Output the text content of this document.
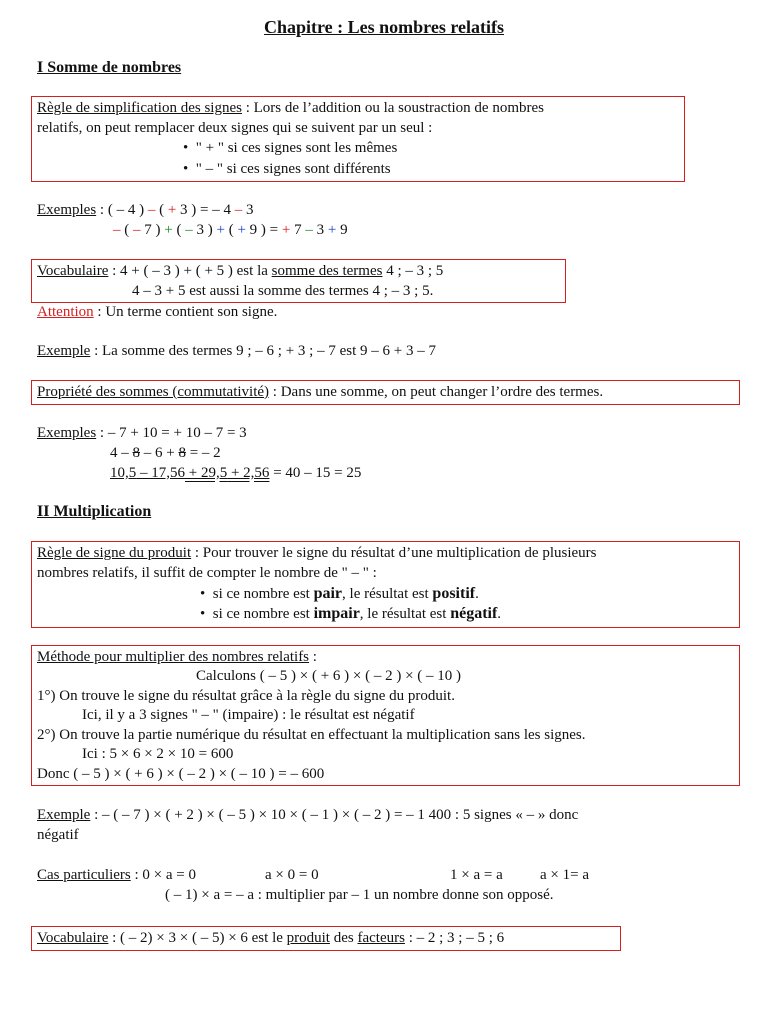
Chapitre : Les nombres relatifs
I Somme de nombres
Règle de simplification des signes : Lors de l’addition ou la soustraction de nombres
relatifs, on peut remplacer deux signes qui se suivent par un seul :
•  " + " si ces signes sont les mêmes
•  " – " si ces signes sont différents
Exemples : ( – 4 ) – ( + 3 ) = – 4 – 3
– ( – 7 ) + ( – 3 ) + ( + 9 ) = + 7 – 3 + 9
Vocabulaire : 4 + ( – 3 ) + ( + 5 ) est la somme des termes 4 ; – 3 ; 5
4 – 3 + 5 est aussi la somme des termes 4 ; – 3 ; 5.
Attention : Un terme contient son signe.
Exemple : La somme des termes 9 ; – 6 ; + 3 ; – 7 est 9 – 6 + 3 – 7
Propriété des sommes (commutativité) : Dans une somme, on peut changer l’ordre des termes.
Exemples : – 7 + 10 = + 10 – 7 = 3
4 – 8 – 6 + 8 = – 2
10,5 – 17,56 + 29,5 + 2,56 = 40 – 15 = 25
II Multiplication
Règle de signe du produit : Pour trouver le signe du résultat d’une multiplication de plusieurs
nombres relatifs, il suffit de compter le nombre de " – " :
•  si ce nombre est pair, le résultat est positif.
•  si ce nombre est impair, le résultat est négatif.
Méthode pour multiplier des nombres relatifs :
Calculons ( – 5 ) × ( + 6 ) × ( – 2 ) × ( – 10 )
1°) On trouve le signe du résultat grâce à la règle du signe du produit.
Ici, il y a 3 signes " – " (impaire) : le résultat est négatif
2°) On trouve la partie numérique du résultat en effectuant la multiplication sans les signes.
Ici : 5 × 6 × 2 × 10 = 600
Donc ( – 5 ) × ( + 6 ) × ( – 2 ) × ( – 10 ) = – 600
Exemple : – ( – 7 ) × ( + 2 ) × ( – 5 ) × 10 × ( – 1 ) × ( – 2 ) = – 1 400 : 5 signes « – » donc
négatif
Cas particuliers : 0 × a = 0	a × 0 = 0	1 × a = a a × 1= a
( – 1) × a = – a : multiplier par – 1 un nombre donne son opposé.
Vocabulaire : ( – 2) × 3 × ( – 5) × 6 est le produit des facteurs : – 2 ; 3 ; – 5 ; 6
